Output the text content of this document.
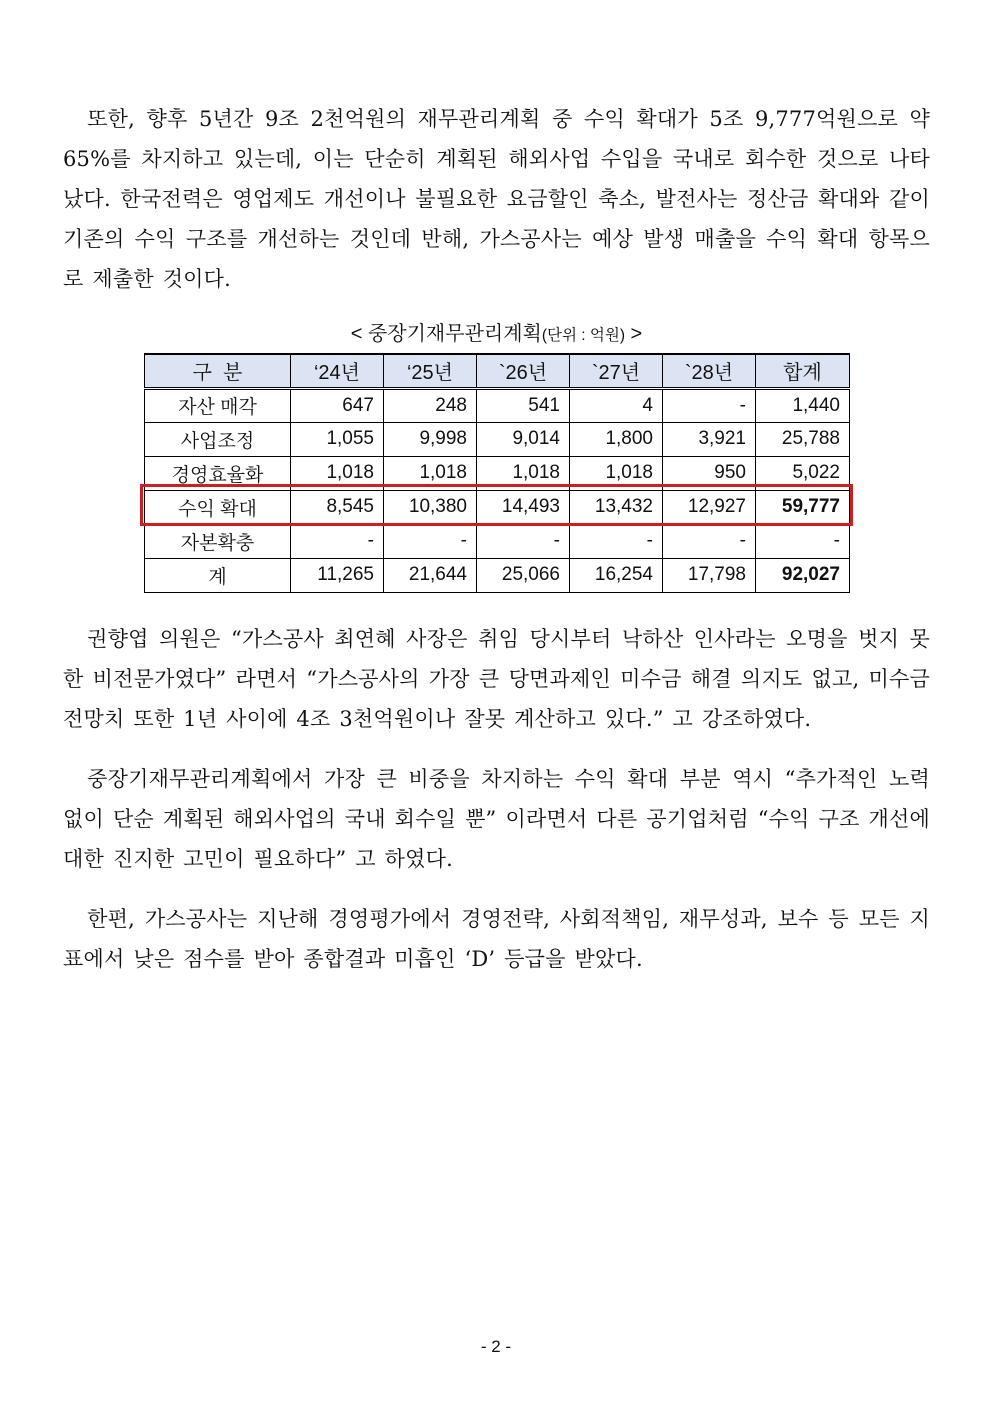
또한, 향후 5년간 9조 2천억원의 재무관리계획 중 수익 확대가 5조 9,777억원으로 약 65%를 차지하고 있는데, 이는 단순히 계획된 해외사업 수입을 국내로 회수한 것으로 나타났다. 한국전력은 영업제도 개선이나 불필요한 요금할인 축소, 발전사는 정산금 확대와 같이 기존의 수익 구조를 개선하는 것인데 반해, 가스공사는 예상 발생 매출을 수익 확대 항목으로 제출한 것이다.

< 중장기재무관리계획(단위 : 억원) >
구  분	‘24년	‘25년	`26년	`27년	`28년	합계
자산 매각	647	248	541	4	-	1,440
사업조정	1,055	9,998	9,014	1,800	3,921	25,788
경영효율화	1,018	1,018	1,018	1,018	950	5,022
수익 확대	8,545	10,380	14,493	13,432	12,927	59,777
자본확충	-	-	-	-	-	-
계	11,265	21,644	25,066	16,254	17,798	92,027

권향엽 의원은 “가스공사 최연혜 사장은 취임 당시부터 낙하산 인사라는 오명을 벗지 못한 비전문가였다” 라면서 “가스공사의 가장 큰 당면과제인 미수금 해결 의지도 없고, 미수금 전망치 또한 1년 사이에 4조 3천억원이나 잘못 계산하고 있다.” 고 강조하였다.

중장기재무관리계획에서 가장 큰 비중을 차지하는 수익 확대 부분 역시 “추가적인 노력 없이 단순 계획된 해외사업의 국내 회수일 뿐” 이라면서 다른 공기업처럼 “수익 구조 개선에 대한 진지한 고민이 필요하다” 고 하였다.

한편, 가스공사는 지난해 경영평가에서 경영전략, 사회적책임, 재무성과, 보수 등 모든 지표에서 낮은 점수를 받아 종합결과 미흡인 ‘D’ 등급을 받았다.

- 2 -
